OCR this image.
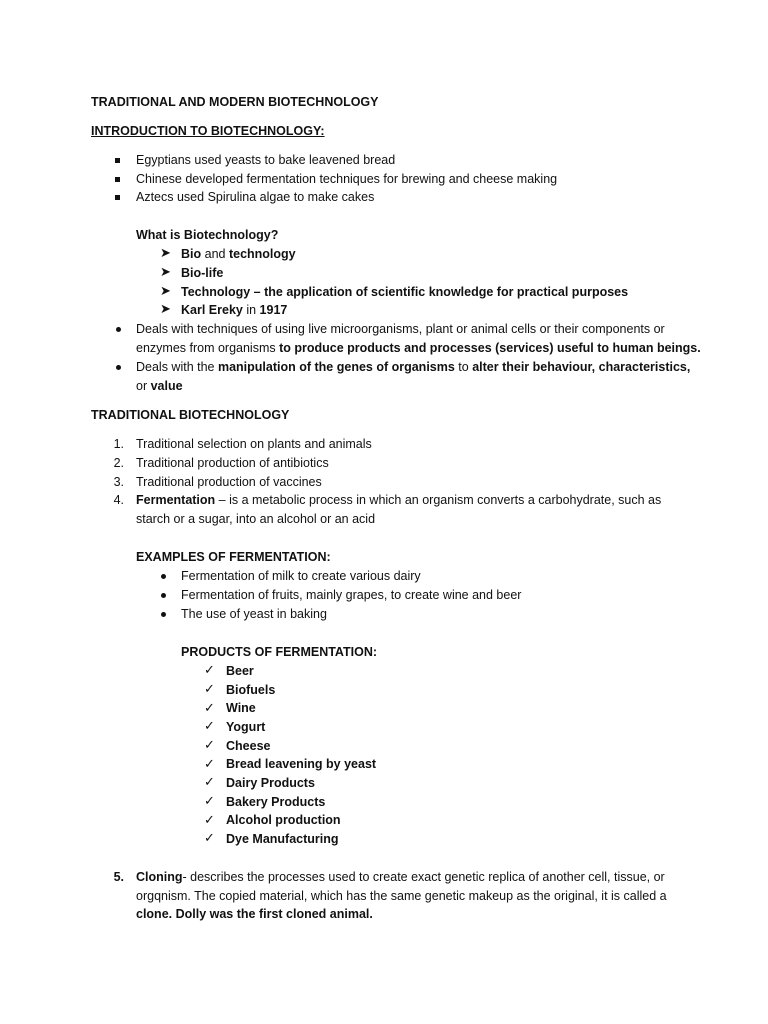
TRADITIONAL AND MODERN BIOTECHNOLOGY
INTRODUCTION TO BIOTECHNOLOGY:
Egyptians used yeasts to bake leavened bread
Chinese developed fermentation techniques for brewing and cheese making
Aztecs used Spirulina algae to make cakes
What is Biotechnology?
➤ Bio and technology
➤ Bio-life
➤ Technology – the application of scientific knowledge for practical purposes
➤ Karl Ereky in 1917
Deals with techniques of using live microorganisms, plant or animal cells or their components or
enzymes from organisms to produce products and processes (services) useful to human beings.
Deals with the manipulation of the genes of organisms to alter their behaviour, characteristics,
or value
TRADITIONAL BIOTECHNOLOGY
1. Traditional selection on plants and animals
2. Traditional production of antibiotics
3. Traditional production of vaccines
4. Fermentation – is a metabolic process in which an organism converts a carbohydrate, such as
starch or a sugar, into an alcohol or an acid
EXAMPLES OF FERMENTATION:
Fermentation of milk to create various dairy
Fermentation of fruits, mainly grapes, to create wine and beer
The use of yeast in baking
PRODUCTS OF FERMENTATION:
✓ Beer
✓ Biofuels
✓ Wine
✓ Yogurt
✓ Cheese
✓ Bread leavening by yeast
✓ Dairy Products
✓ Bakery Products
✓ Alcohol production
✓ Dye Manufacturing
5. Cloning- describes the processes used to create exact genetic replica of another cell, tissue, or
orgqnism. The copied material, which has the same genetic makeup as the original, it is called a
clone. Dolly was the first cloned animal.
